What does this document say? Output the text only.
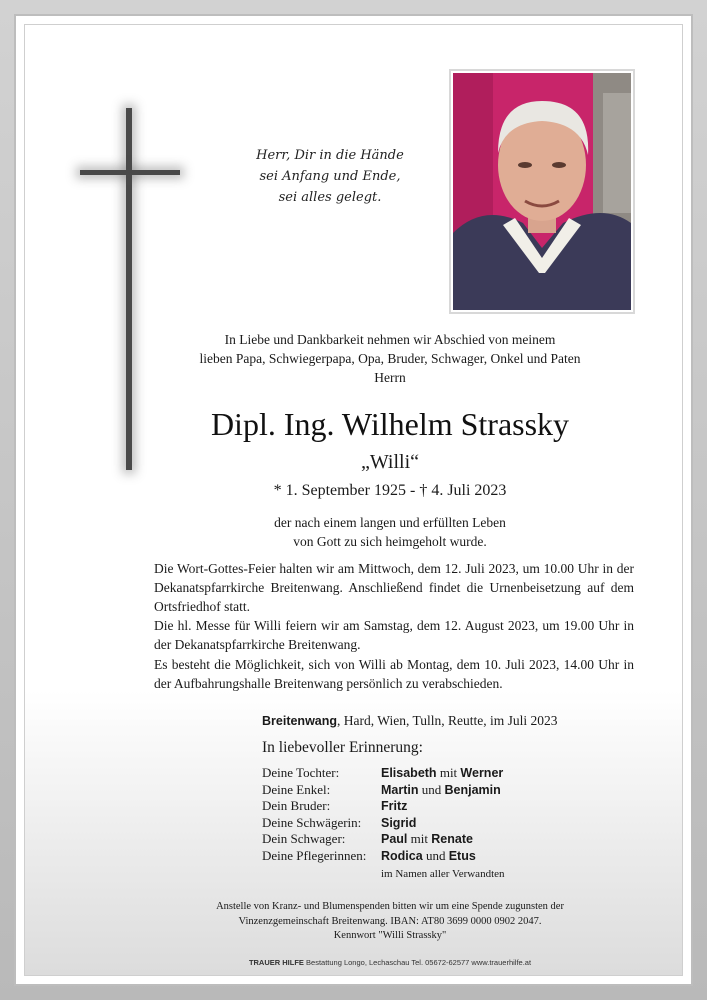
Herr, Dir in die Hände
sei Anfang und Ende,
sei alles gelegt.
In Liebe und Dankbarkeit nehmen wir Abschied von meinem
lieben Papa, Schwiegerpapa, Opa, Bruder, Schwager, Onkel und Paten
Herrn
Dipl. Ing. Wilhelm Strassky
„Willi“
* 1. September 1925 - † 4. Juli 2023
der nach einem langen und erfüllten Leben
von Gott zu sich heimgeholt wurde.
Die Wort-Gottes-Feier halten wir am Mittwoch, dem 12. Juli 2023, um 10.00 Uhr in der Dekanatspfarrkirche Breitenwang. Anschließend findet die Urnenbeisetzung auf dem Ortsfriedhof statt.
Die hl. Messe für Willi feiern wir am Samstag, dem 12. August 2023, um 19.00 Uhr in der Dekanatspfarrkirche Breitenwang.
Es besteht die Möglichkeit, sich von Willi ab Montag, dem 10. Juli 2023, 14.00 Uhr in der Aufbahrungshalle Breitenwang persönlich zu verabschieden.
Breitenwang, Hard, Wien, Tulln, Reutte, im Juli 2023
In liebevoller Erinnerung:
Deine Tochter:	Elisabeth mit Werner
Deine Enkel:	Martin und Benjamin
Dein Bruder:	Fritz
Deine Schwägerin:	Sigrid
Dein Schwager:	Paul mit Renate
Deine Pflegerinnen:	Rodica und Etus
im Namen aller Verwandten
Anstelle von Kranz- und Blumenspenden bitten wir um eine Spende zugunsten der
Vinzenzgemeinschaft Breitenwang. IBAN: AT80 3699 0000 0902 2047.
Kennwort "Willi Strassky"
TRAUER HILFE Bestattung Longo, Lechaschau Tel. 05672-62577 www.trauerhilfe.at
